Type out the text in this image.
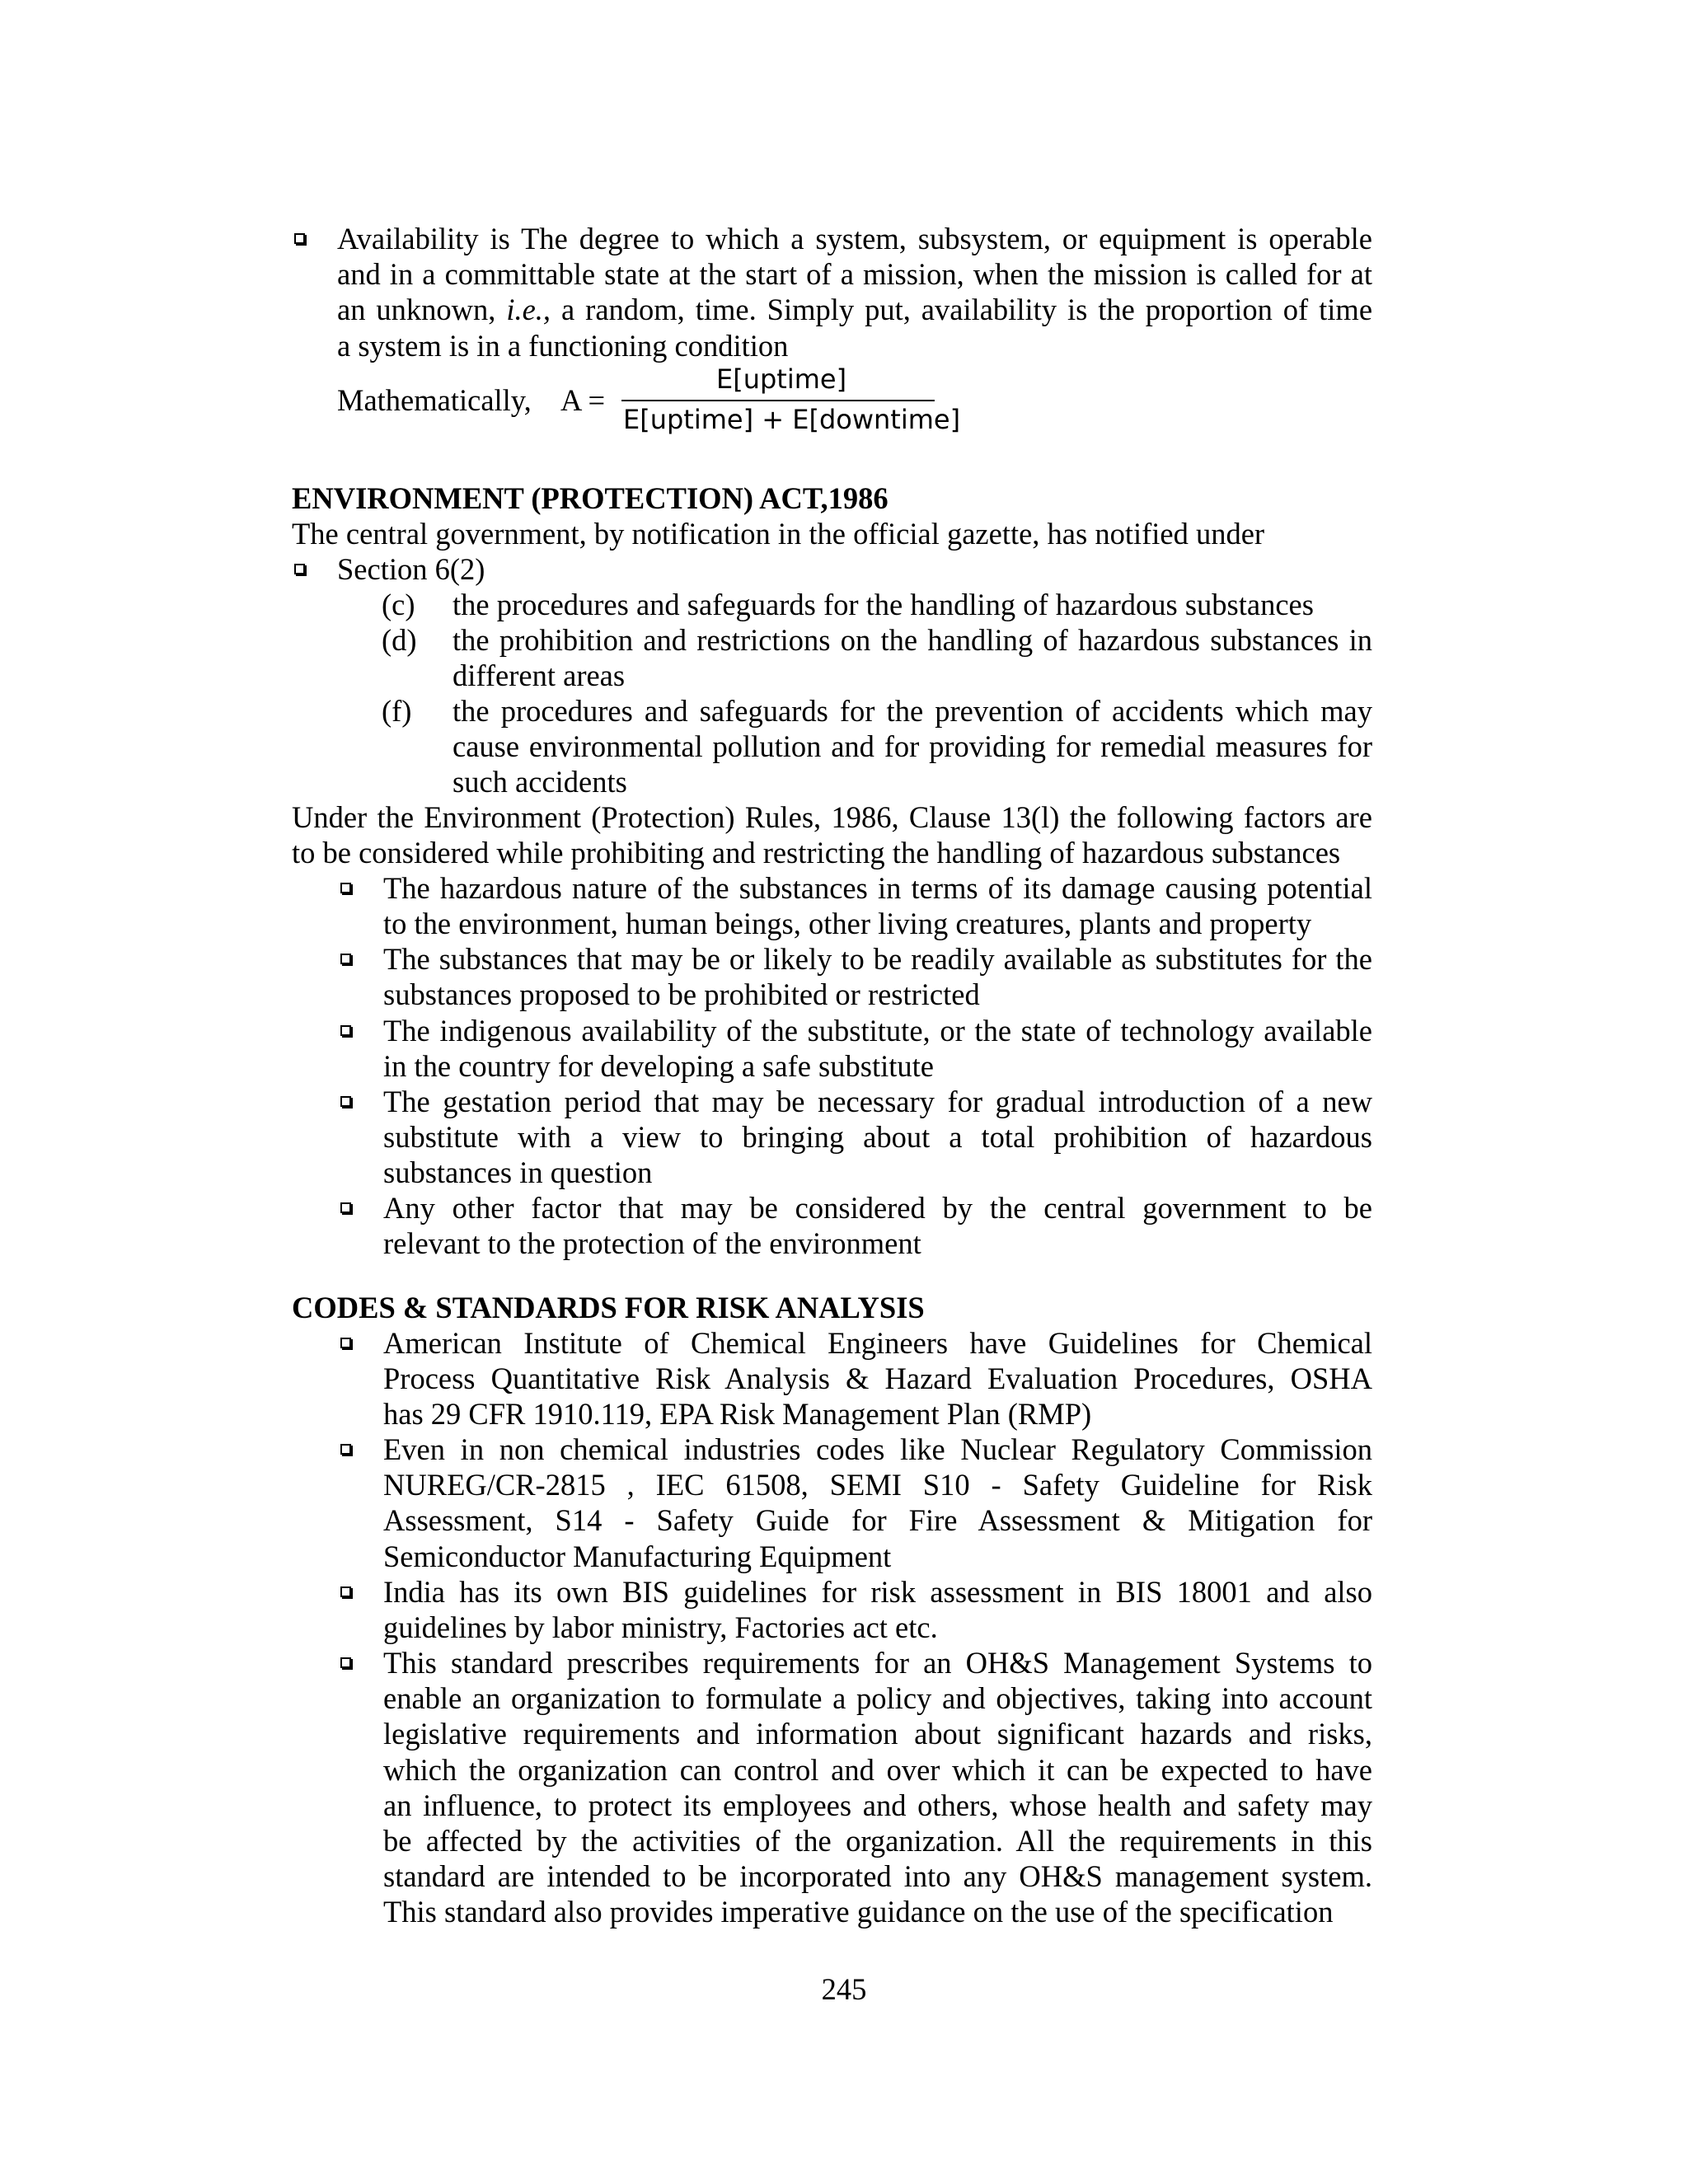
Availability is The degree to which a system, subsystem, or equipment is operable
and in a committable state at the start of a mission, when the mission is called for at
an unknown, i.e., a random, time. Simply put, availability is the proportion of time
a system is in a functioning condition
Mathematically, A =
E[uptime]
E[uptime] + E[downtime]
ENVIRONMENT (PROTECTION) ACT,1986
The central government, by notification in the official gazette, has notified under
Section 6(2)
(c) the procedures and safeguards for the handling of hazardous substances
(d) the prohibition and restrictions on the handling of hazardous substances in
different areas
(f) the procedures and safeguards for the prevention of accidents which may
cause environmental pollution and for providing for remedial measures for
such accidents
Under the Environment (Protection) Rules, 1986, Clause 13(l) the following factors are
to be considered while prohibiting and restricting the handling of hazardous substances
The hazardous nature of the substances in terms of its damage causing potential
to the environment, human beings, other living creatures, plants and property
The substances that may be or likely to be readily available as substitutes for the
substances proposed to be prohibited or restricted
The indigenous availability of the substitute, or the state of technology available
in the country for developing a safe substitute
The gestation period that may be necessary for gradual introduction of a new
substitute with a view to bringing about a total prohibition of hazardous
substances in question
Any other factor that may be considered by the central government to be
relevant to the protection of the environment
CODES & STANDARDS FOR RISK ANALYSIS
American Institute of Chemical Engineers have Guidelines for Chemical
Process Quantitative Risk Analysis & Hazard Evaluation Procedures, OSHA
has 29 CFR 1910.119, EPA Risk Management Plan (RMP)
Even in non chemical industries codes like Nuclear Regulatory Commission
NUREG/CR-2815 , IEC 61508, SEMI S10 - Safety Guideline for Risk
Assessment, S14 - Safety Guide for Fire Assessment & Mitigation for
Semiconductor Manufacturing Equipment
India has its own BIS guidelines for risk assessment in BIS 18001 and also
guidelines by labor ministry, Factories act etc.
This standard prescribes requirements for an OH&S Management Systems to
enable an organization to formulate a policy and objectives, taking into account
legislative requirements and information about significant hazards and risks,
which the organization can control and over which it can be expected to have
an influence, to protect its employees and others, whose health and safety may
be affected by the activities of the organization. All the requirements in this
standard are intended to be incorporated into any OH&S management system.
This standard also provides imperative guidance on the use of the specification
245
